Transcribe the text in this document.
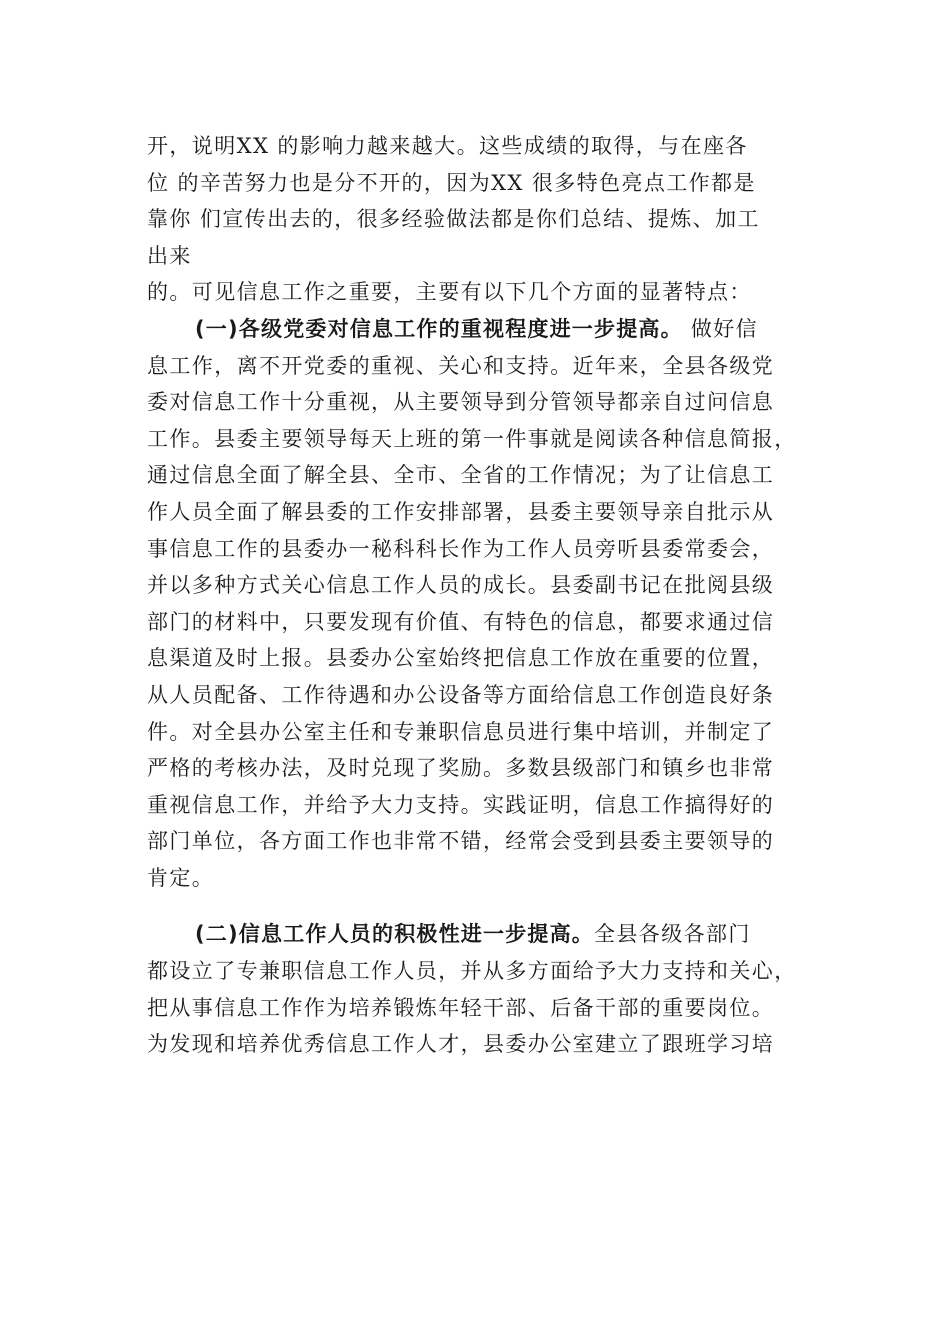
开，说明XX 的影响力越来越大。这些成绩的取得，与在座各
位 的辛苦努力也是分不开的，因为XX 很多特色亮点工作都是
靠你 们宣传出去的，很多经验做法都是你们总结、提炼、加工
出来
的。可见信息工作之重要，主要有以下几个方面的显著特点：
(一)各级党委对信息工作的重视程度进一步提高。 做好信
息工作，离不开党委的重视、关心和支持。近年来，全县各级党
委对信息工作十分重视，从主要领导到分管领导都亲自过问信息
工作。县委主要领导每天上班的第一件事就是阅读各种信息简报，
通过信息全面了解全县、全市、全省的工作情况；为了让信息工
作人员全面了解县委的工作安排部署，县委主要领导亲自批示从
事信息工作的县委办一秘科科长作为工作人员旁听县委常委会，
并以多种方式关心信息工作人员的成长。县委副书记在批阅县级
部门的材料中，只要发现有价值、有特色的信息，都要求通过信
息渠道及时上报。县委办公室始终把信息工作放在重要的位置，
从人员配备、工作待遇和办公设备等方面给信息工作创造良好条
件。对全县办公室主任和专兼职信息员进行集中培训，并制定了
严格的考核办法，及时兑现了奖励。多数县级部门和镇乡也非常
重视信息工作，并给予大力支持。实践证明，信息工作搞得好的
部门单位，各方面工作也非常不错，经常会受到县委主要领导的
肯定。
(二)信息工作人员的积极性进一步提高。全县各级各部门
都设立了专兼职信息工作人员，并从多方面给予大力支持和关心，
把从事信息工作作为培养锻炼年轻干部、后备干部的重要岗位。
为发现和培养优秀信息工作人才，县委办公室建立了跟班学习培
